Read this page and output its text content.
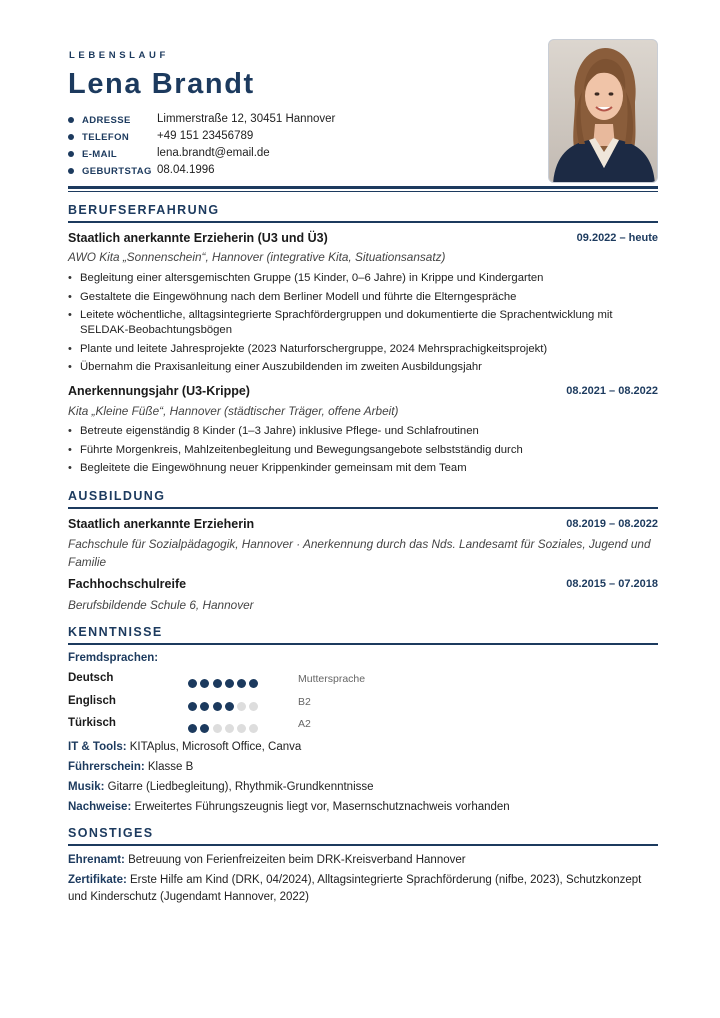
LEBENSLAUF
Lena Brandt
ADRESSE Limmerstraße 12, 30451 Hannover
TELEFON +49 151 23456789
E-MAIL	lena.brandt@email.de
GEBURTSTAG 08.04.1996
BERUFSERFAHRUNG
Staatlich anerkannte Erzieherin (U3 und Ü3)	09.2022 – heute
AWO Kita „Sonnenschein“, Hannover (integrative Kita, Situationsansatz)
• Begleitung einer altersgemischten Gruppe (15 Kinder, 0–6 Jahre) in Krippe und Kindergarten
• Gestaltete die Eingewöhnung nach dem Berliner Modell und führte die Elterngespräche
• Leitete wöchentliche, alltagsintegrierte Sprachfördergruppen und dokumentierte die Sprachentwicklung mit SELDAK-Beobachtungsbögen
• Plante und leitete Jahresprojekte (2023 Naturforschergruppe, 2024 Mehrsprachigkeitsprojekt)
• Übernahm die Praxisanleitung einer Auszubildenden im zweiten Ausbildungsjahr
Anerkennungsjahr (U3-Krippe)	08.2021 – 08.2022
Kita „Kleine Füße“, Hannover (städtischer Träger, offene Arbeit)
• Betreute eigenständig 8 Kinder (1–3 Jahre) inklusive Pflege- und Schlafroutinen
• Führte Morgenkreis, Mahlzeitenbegleitung und Bewegungsangebote selbstständig durch
• Begleitete die Eingewöhnung neuer Krippenkinder gemeinsam mit dem Team
AUSBILDUNG
Staatlich anerkannte Erzieherin	08.2019 – 08.2022
Fachschule für Sozialpädagogik, Hannover · Anerkennung durch das Nds. Landesamt für Soziales, Jugend und Familie
Fachhochschulreife	08.2015 – 07.2018
Berufsbildende Schule 6, Hannover
KENNTNISSE
Fremdsprachen:
Deutsch	Muttersprache
Englisch	B2
Türkisch	A2
IT & Tools: KITAplus, Microsoft Office, Canva
Führerschein: Klasse B
Musik: Gitarre (Liedbegleitung), Rhythmik-Grundkenntnisse
Nachweise: Erweitertes Führungszeugnis liegt vor, Masernschutznachweis vorhanden
SONSTIGES
Ehrenamt: Betreuung von Ferienfreizeiten beim DRK-Kreisverband Hannover
Zertifikate: Erste Hilfe am Kind (DRK, 04/2024), Alltagsintegrierte Sprachförderung (nifbe, 2023), Schutzkonzept und Kinderschutz (Jugendamt Hannover, 2022)
